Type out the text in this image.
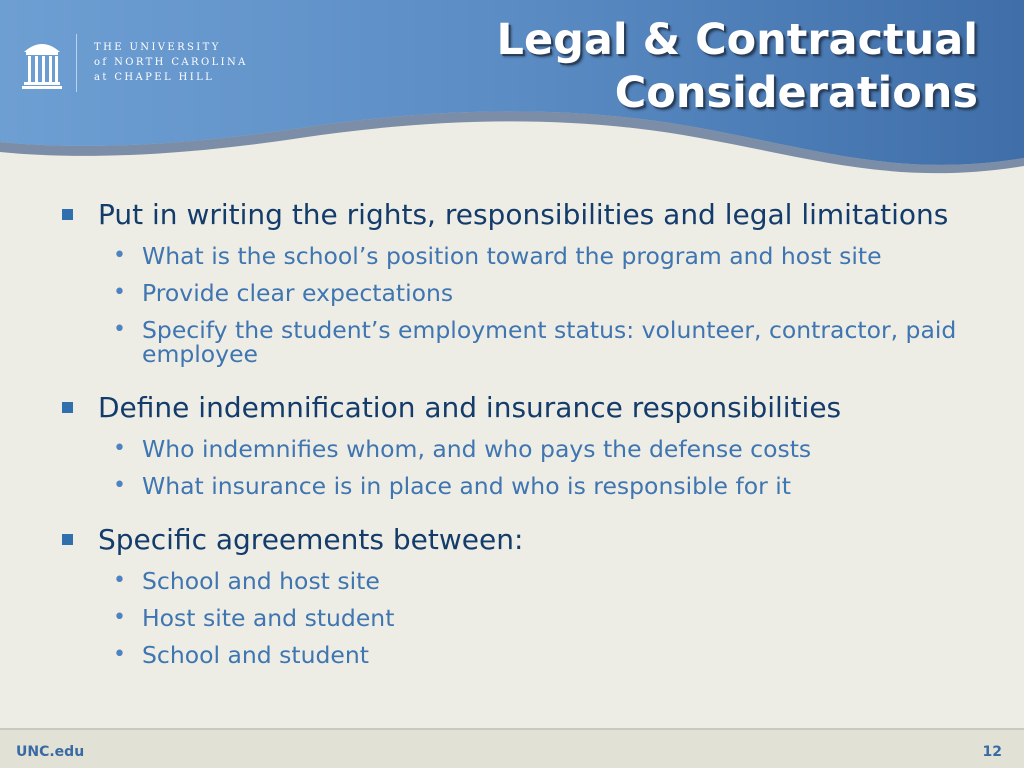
THE UNIVERSITY
of NORTH CAROLINA
at CHAPEL HILL
Legal & Contractual
Considerations
Put in writing the rights, responsibilities and legal limitations
• What is the school’s position toward the program and host site
• Provide clear expectations
• Specify the student’s employment status: volunteer, contractor, paid employee
Define indemnification and insurance responsibilities
• Who indemnifies whom, and who pays the defense costs
• What insurance is in place and who is responsible for it
Specific agreements between:
• School and host site
• Host site and student
• School and student
UNC.edu	12
